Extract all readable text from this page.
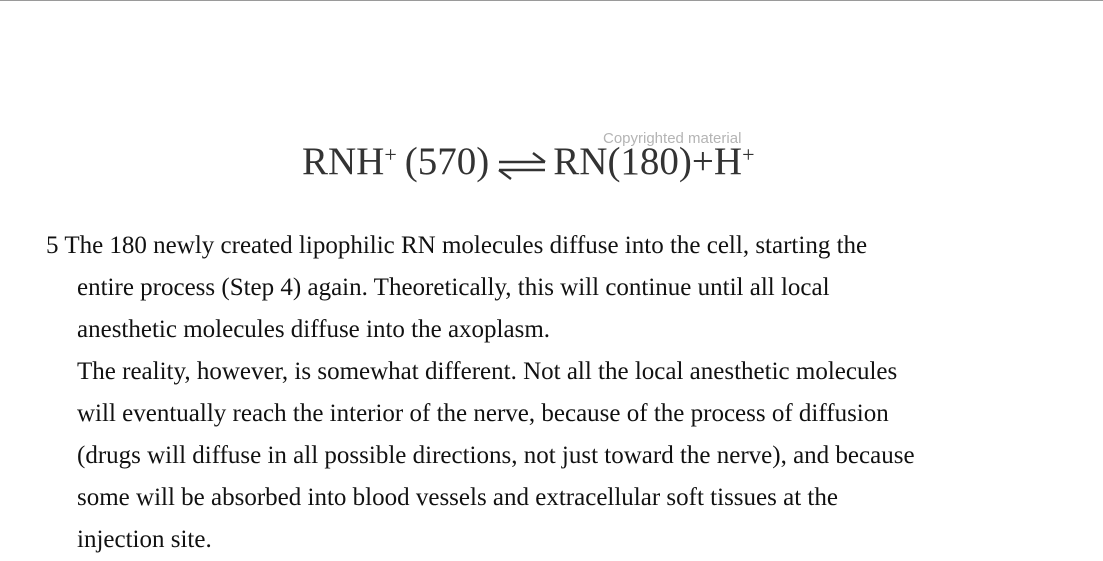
RNH+ (570) ⇌ RN (180) + H+
Copyrighted material
5 The 180 newly created lipophilic RN molecules diffuse into the cell, starting the
entire process (Step 4) again. Theoretically, this will continue until all local
anesthetic molecules diffuse into the axoplasm.
The reality, however, is somewhat different. Not all the local anesthetic molecules
will eventually reach the interior of the nerve, because of the process of diffusion
(drugs will diffuse in all possible directions, not just toward the nerve), and because
some will be absorbed into blood vessels and extracellular soft tissues at the
injection site.
